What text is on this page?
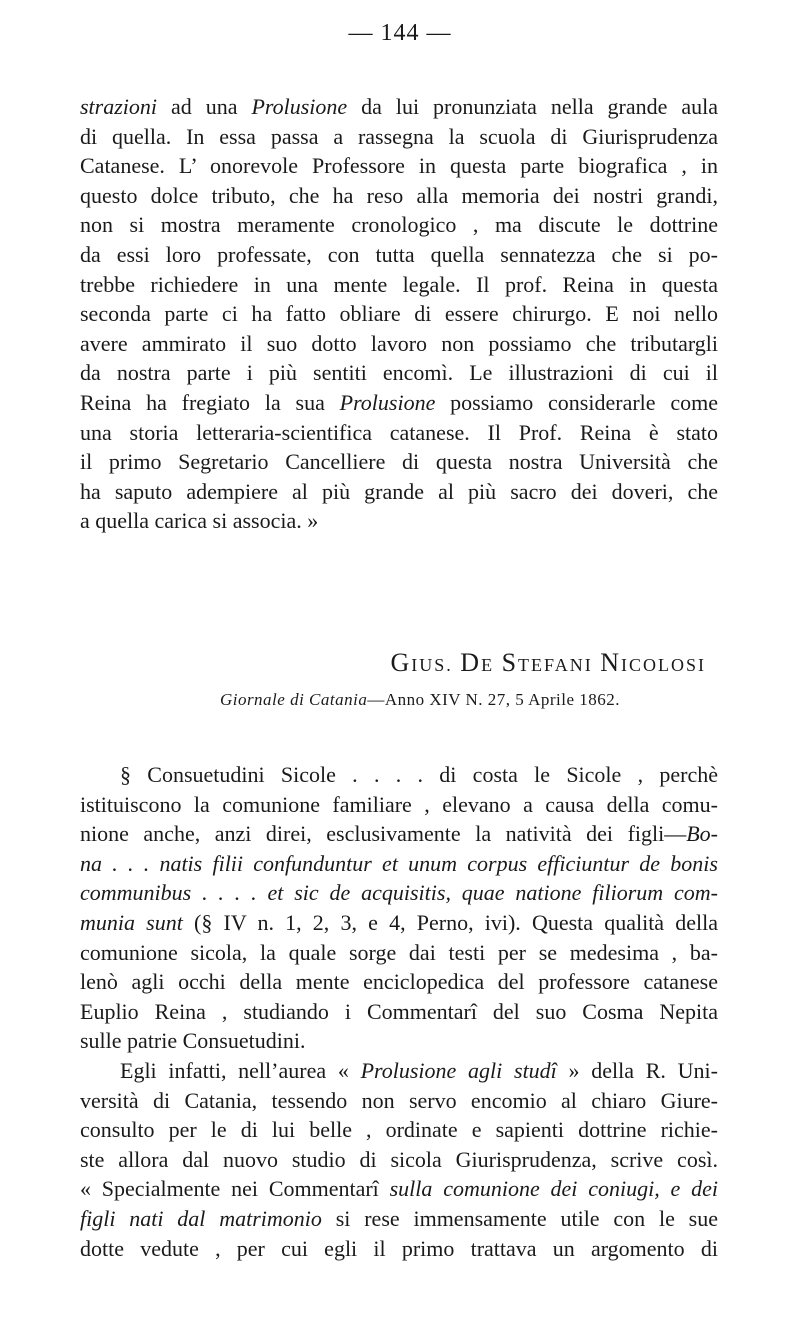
— 144 —
strazioni ad una Prolusione da lui pronunziata nella grande aula
di quella. In essa passa a rassegna la scuola di Giurisprudenza
Catanese. L’ onorevole Professore in questa parte biografica , in
questo dolce tributo, che ha reso alla memoria dei nostri grandi,
non si mostra meramente cronologico , ma discute le dottrine
da essi loro professate, con tutta quella sennatezza che si po-
trebbe richiedere in una mente legale. Il prof. Reina in questa
seconda parte ci ha fatto obliare di essere chirurgo. E noi nello
avere ammirato il suo dotto lavoro non possiamo che tributargli
da nostra parte i più sentiti encomì. Le illustrazioni di cui il
Reina ha fregiato la sua Prolusione possiamo considerarle come
una storia letteraria-scientifica catanese. Il Prof. Reina è stato
il primo Segretario Cancelliere di questa nostra Università che
ha saputo adempiere al più grande al più sacro dei doveri, che
a quella carica si associa. »
GIUS. DE STEFANI NICOLOSI
Giornale di Catania—Anno XIV N. 27, 5 Aprile 1862.
§ Consuetudini Sicole . . . . di costa le Sicole , perchè
istituiscono la comunione familiare , elevano a causa della comu-
nione anche, anzi direi, esclusivamente la natività dei figli—Bo-
na . . . natis filii confunduntur et unum corpus efficiuntur de bonis
communibus . . . . et sic de acquisitis, quae natione filiorum com-
munia sunt (§ IV n. 1, 2, 3, e 4, Perno, ivi). Questa qualità della
comunione sicola, la quale sorge dai testi per se medesima , ba-
lenò agli occhi della mente enciclopedica del professore catanese
Euplio Reina , studiando i Commentarî del suo Cosma Nepita
sulle patrie Consuetudini.
Egli infatti, nell’aurea « Prolusione agli studî » della R. Uni-
versità di Catania, tessendo non servo encomio al chiaro Giure-
consulto per le di lui belle , ordinate e sapienti dottrine richie-
ste allora dal nuovo studio di sicola Giurisprudenza, scrive così.
« Specialmente nei Commentarî sulla comunione dei coniugi, e dei
figli nati dal matrimonio si rese immensamente utile con le sue
dotte vedute , per cui egli il primo trattava un argomento di
